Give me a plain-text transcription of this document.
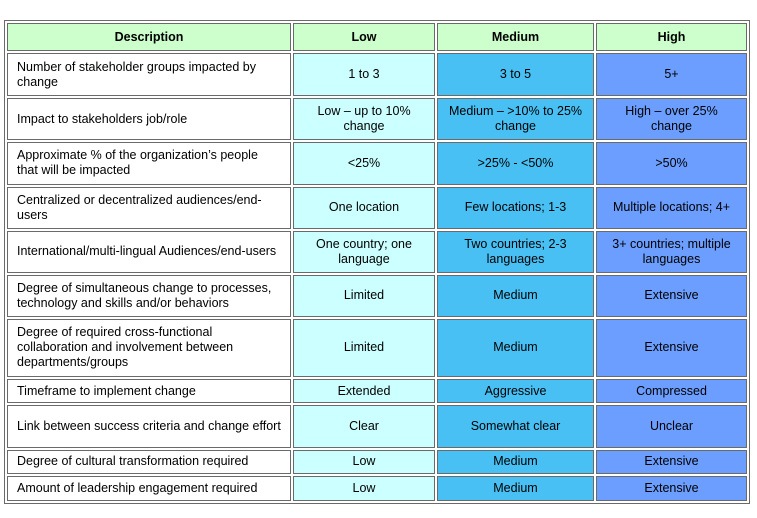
Description	Low	Medium	High
Number of stakeholder groups impacted by change	1 to 3	3 to 5	5+
Impact to stakeholders job/role	Low – up to 10% change	Medium – >10% to 25% change	High – over 25% change
Approximate % of the organization’s people that will be impacted	<25%	>25% - <50%	>50%
Centralized or decentralized audiences/end-users	One location	Few locations; 1-3	Multiple locations; 4+
International/multi-lingual Audiences/end-users	One country; one language	Two countries; 2-3 languages	3+ countries; multiple languages
Degree of simultaneous change to processes, technology and skills and/or behaviors	Limited	Medium	Extensive
Degree of required cross-functional collaboration and involvement between departments/groups	Limited	Medium	Extensive
Timeframe to implement change	Extended	Aggressive	Compressed
Link between success criteria and change effort	Clear	Somewhat clear	Unclear
Degree of cultural transformation required	Low	Medium	Extensive
Amount of leadership engagement required	Low	Medium	Extensive
